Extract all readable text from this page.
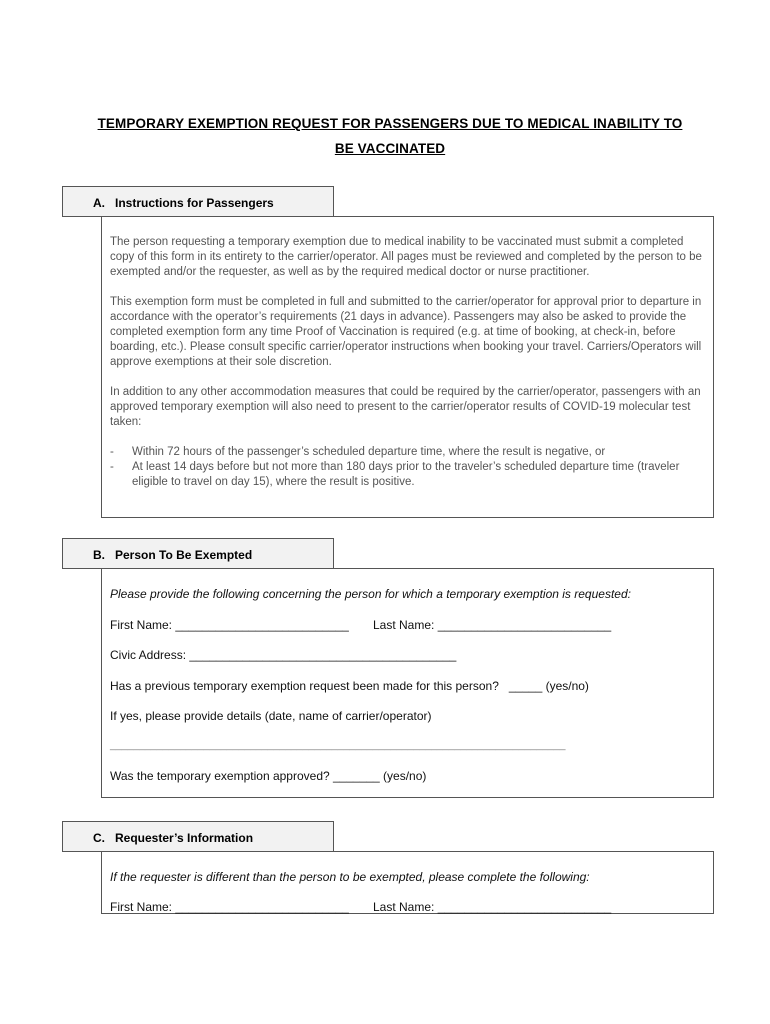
TEMPORARY EXEMPTION REQUEST FOR PASSENGERS DUE TO MEDICAL INABILITY TO
BE VACCINATED
A. Instructions for Passengers

The person requesting a temporary exemption due to medical inability to be vaccinated must submit a completed copy of this form in its entirety to the carrier/operator. All pages must be reviewed and completed by the person to be exempted and/or the requester, as well as by the required medical doctor or nurse practitioner.

This exemption form must be completed in full and submitted to the carrier/operator for approval prior to departure in accordance with the operator’s requirements (21 days in advance). Passengers may also be asked to provide the completed exemption form any time Proof of Vaccination is required (e.g. at time of booking, at check-in, before boarding, etc.). Please consult specific carrier/operator instructions when booking your travel. Carriers/Operators will approve exemptions at their sole discretion.

In addition to any other accommodation measures that could be required by the carrier/operator, passengers with an approved temporary exemption will also need to present to the carrier/operator results of COVID-19 molecular test taken:

-	Within 72 hours of the passenger’s scheduled departure time, where the result is negative, or
-	At least 14 days before but not more than 180 days prior to the traveler’s scheduled departure time (traveler eligible to travel on day 15), where the result is positive.
B. Person To Be Exempted
Please provide the following concerning the person for which a temporary exemption is requested:
First Name: __________________________ Last Name: __________________________
Civic Address: ________________________________________
Has a previous temporary exemption request been made for this person?   _____ (yes/no)
If yes, please provide details (date, name of carrier/operator)
______________________________________________________________________________
Was the temporary exemption approved? _______ (yes/no)
C. Requester’s Information
If the requester is different than the person to be exempted, please complete the following:
First Name: __________________________ Last Name: __________________________
